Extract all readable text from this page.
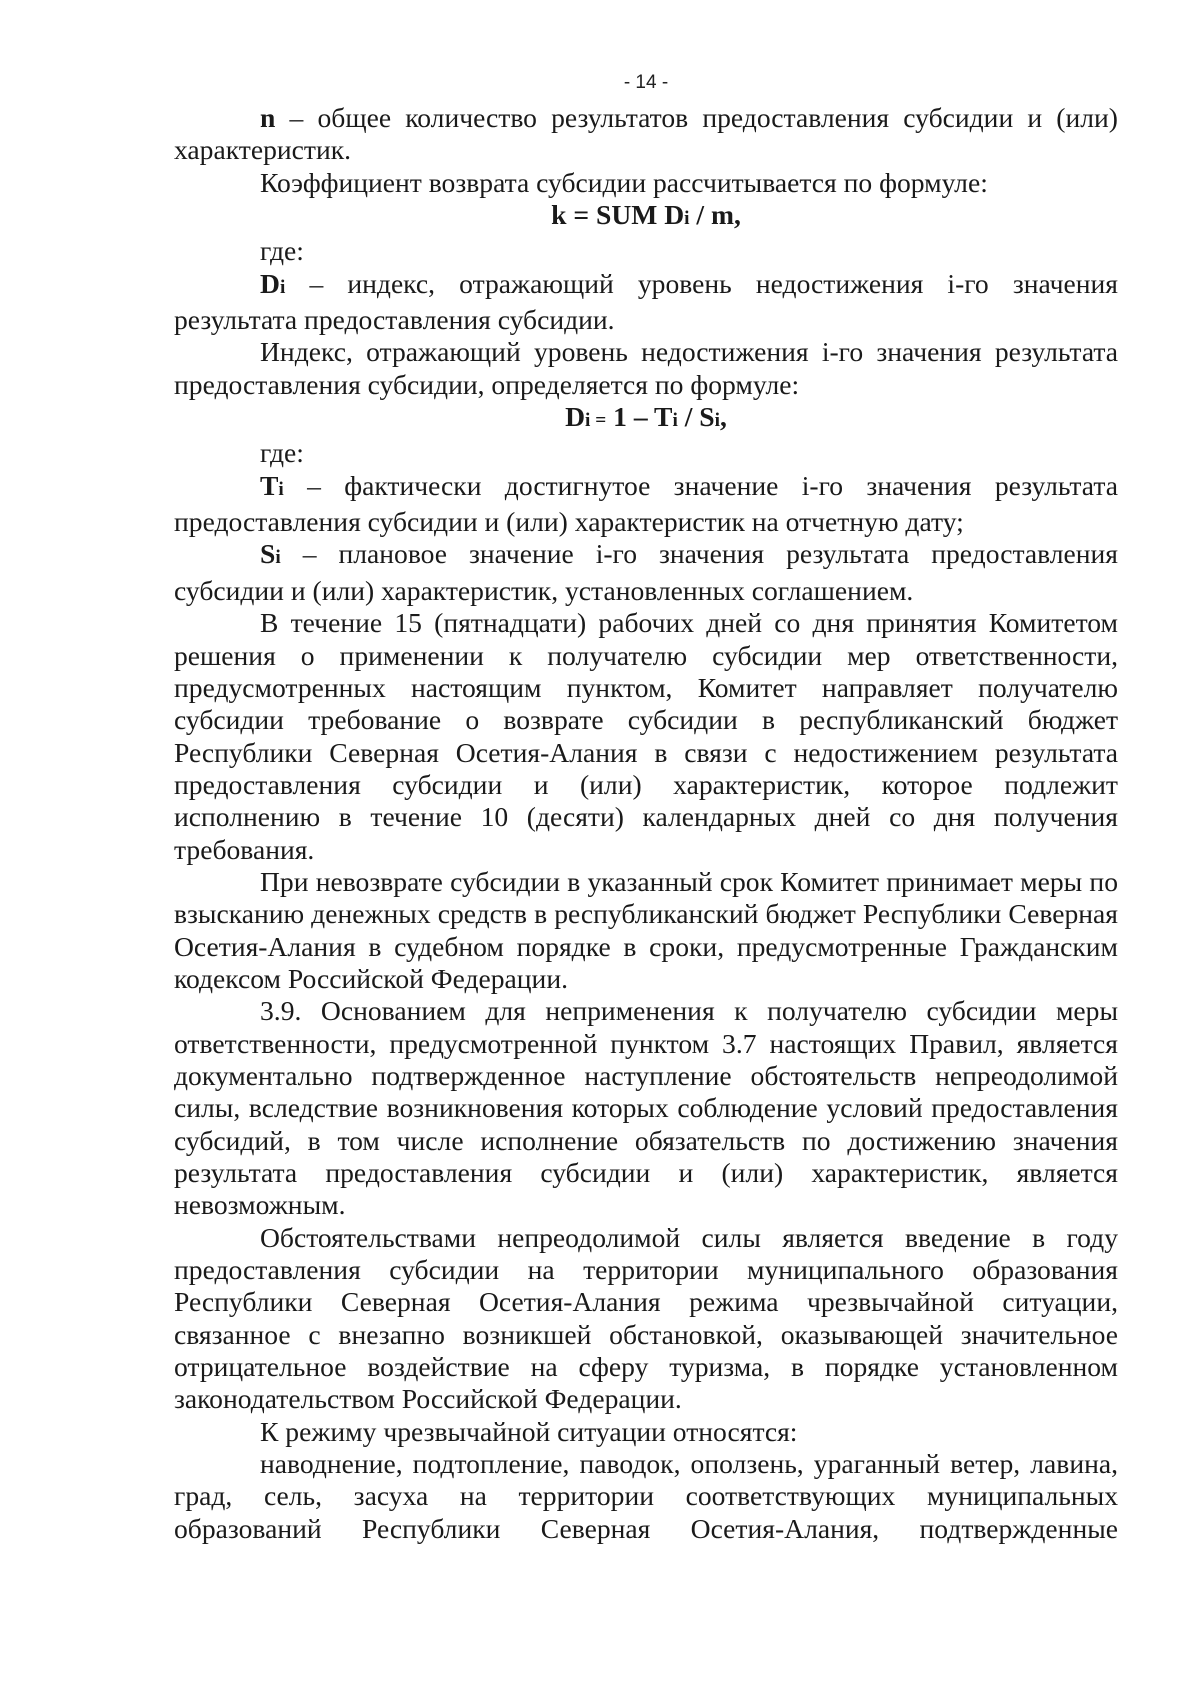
- 14 -

n – общее количество результатов предоставления субсидии и (или) характеристик.

Коэффициент возврата субсидии рассчитывается по формуле:

k = SUM Di / m,

где:

Di – индекс, отражающий уровень недостижения i-го значения результата предоставления субсидии.

Индекс, отражающий уровень недостижения i-го значения результата предоставления субсидии, определяется по формуле:

Di = 1 – Ti / Si,

где:

Ti – фактически достигнутое значение i-го значения результата предоставления субсидии и (или) характеристик на отчетную дату;

Si – плановое значение i-го значения результата предоставления субсидии и (или) характеристик, установленных соглашением.

В течение 15 (пятнадцати) рабочих дней со дня принятия Комитетом решения о применении к получателю субсидии мер ответственности, предусмотренных настоящим пунктом, Комитет направляет получателю субсидии требование о возврате субсидии в республиканский бюджет Республики Северная Осетия-Алания в связи с недостижением результата предоставления субсидии и (или) характеристик, которое подлежит исполнению в течение 10 (десяти) календарных дней со дня получения требования.

При невозврате субсидии в указанный срок Комитет принимает меры по взысканию денежных средств в республиканский бюджет Республики Северная Осетия-Алания в судебном порядке в сроки, предусмотренные Гражданским кодексом Российской Федерации.

3.9. Основанием для неприменения к получателю субсидии меры ответственности, предусмотренной пунктом 3.7 настоящих Правил, является документально подтвержденное наступление обстоятельств непреодолимой силы, вследствие возникновения которых соблюдение условий предоставления субсидий, в том числе исполнение обязательств по достижению значения результата предоставления субсидии и (или) характеристик, является невозможным.

Обстоятельствами непреодолимой силы является введение в году предоставления субсидии на территории муниципального образования Республики Северная Осетия-Алания режима чрезвычайной ситуации, связанное с внезапно возникшей обстановкой, оказывающей значительное отрицательное воздействие на сферу туризма, в порядке установленном законодательством Российской Федерации.

К режиму чрезвычайной ситуации относятся:

наводнение, подтопление, паводок, оползень, ураганный ветер, лавина, град, сель, засуха на территории соответствующих муниципальных образований Республики Северная Осетия-Алания, подтвержденные
